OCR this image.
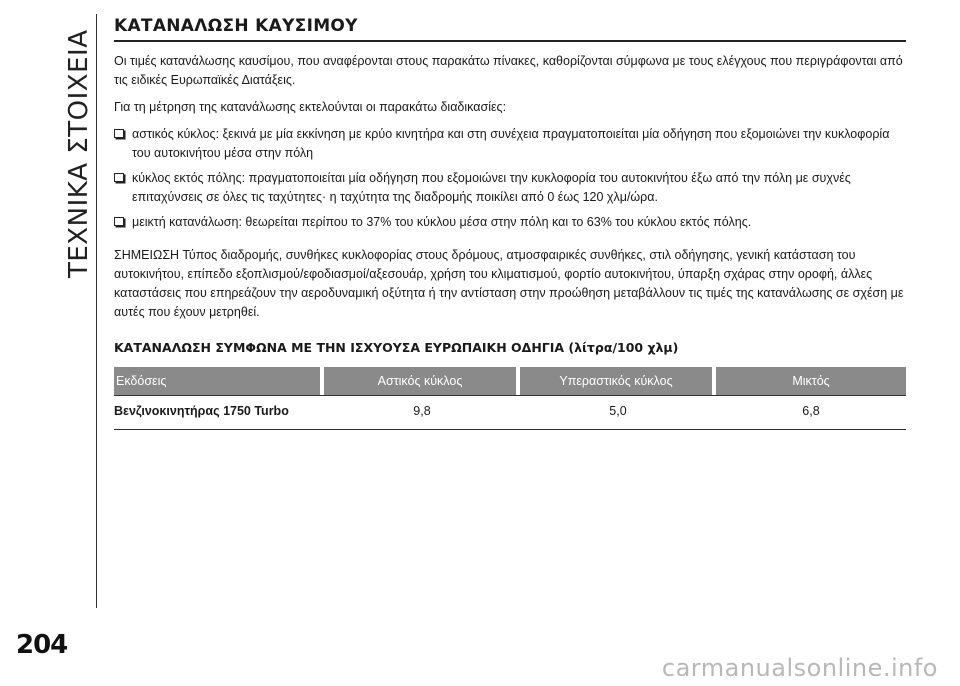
ΤΕΧΝΙΚΑ ΣΤΟΙΧΕΙΑ
204
ΚΑΤΑΝΑΛΩΣΗ ΚΑΥΣΙΜΟΥ

Οι τιμές κατανάλωσης καυσίμου, που αναφέρονται στους παρακάτω πίνακες, καθορίζονται σύμφωνα με τους ελέγχους που περιγράφονται από τις ειδικές Ευρωπαϊκές Διατάξεις.

Για τη μέτρηση της κατανάλωσης εκτελούνται οι παρακάτω διαδικασίες:

αστικός κύκλος: ξεκινά με μία εκκίνηση με κρύο κινητήρα και στη συνέχεια πραγματοποιείται μία οδήγηση που εξομοιώνει την κυκλοφορία του αυτοκινήτου μέσα στην πόλη
κύκλος εκτός πόλης: πραγματοποιείται μία οδήγηση που εξομοιώνει την κυκλοφορία του αυτοκινήτου έξω από την πόλη με συχνές επιταχύνσεις σε όλες τις ταχύτητες· η ταχύτητα της διαδρομής ποικίλει από 0 έως 120 χλμ/ώρα.
μεικτή κατανάλωση: θεωρείται περίπου το 37% του κύκλου μέσα στην πόλη και το 63% του κύκλου εκτός πόλης.

ΣΗΜΕΙΩΣΗ Τύπος διαδρομής, συνθήκες κυκλοφορίας στους δρόμους, ατμοσφαιρικές συνθήκες, στιλ οδήγησης, γενική κατάσταση του αυτοκινήτου, επίπεδο εξοπλισμού/εφοδιασμοί/αξεσουάρ, χρήση του κλιματισμού, φορτίο αυτοκινήτου, ύπαρξη σχάρας στην οροφή, άλλες καταστάσεις που επηρεάζουν την αεροδυναμική οξύτητα ή την αντίσταση στην προώθηση μεταβάλλουν τις τιμές της κατανάλωσης σε σχέση με αυτές που έχουν μετρηθεί.

ΚΑΤΑΝΑΛΩΣΗ ΣΥΜΦΩΝΑ ΜΕ ΤΗΝ ΙΣΧΥΟΥΣΑ ΕΥΡΩΠΑΙΚΗ ΟΔΗΓΙΑ (λίτρα/100 χλμ)
Εκδόσεις	Αστικός κύκλος	Υπεραστικός κύκλος	Μικτός
Βενζινοκινητήρας 1750 Turbo	9,8	5,0	6,8
carmanualsonline.info
